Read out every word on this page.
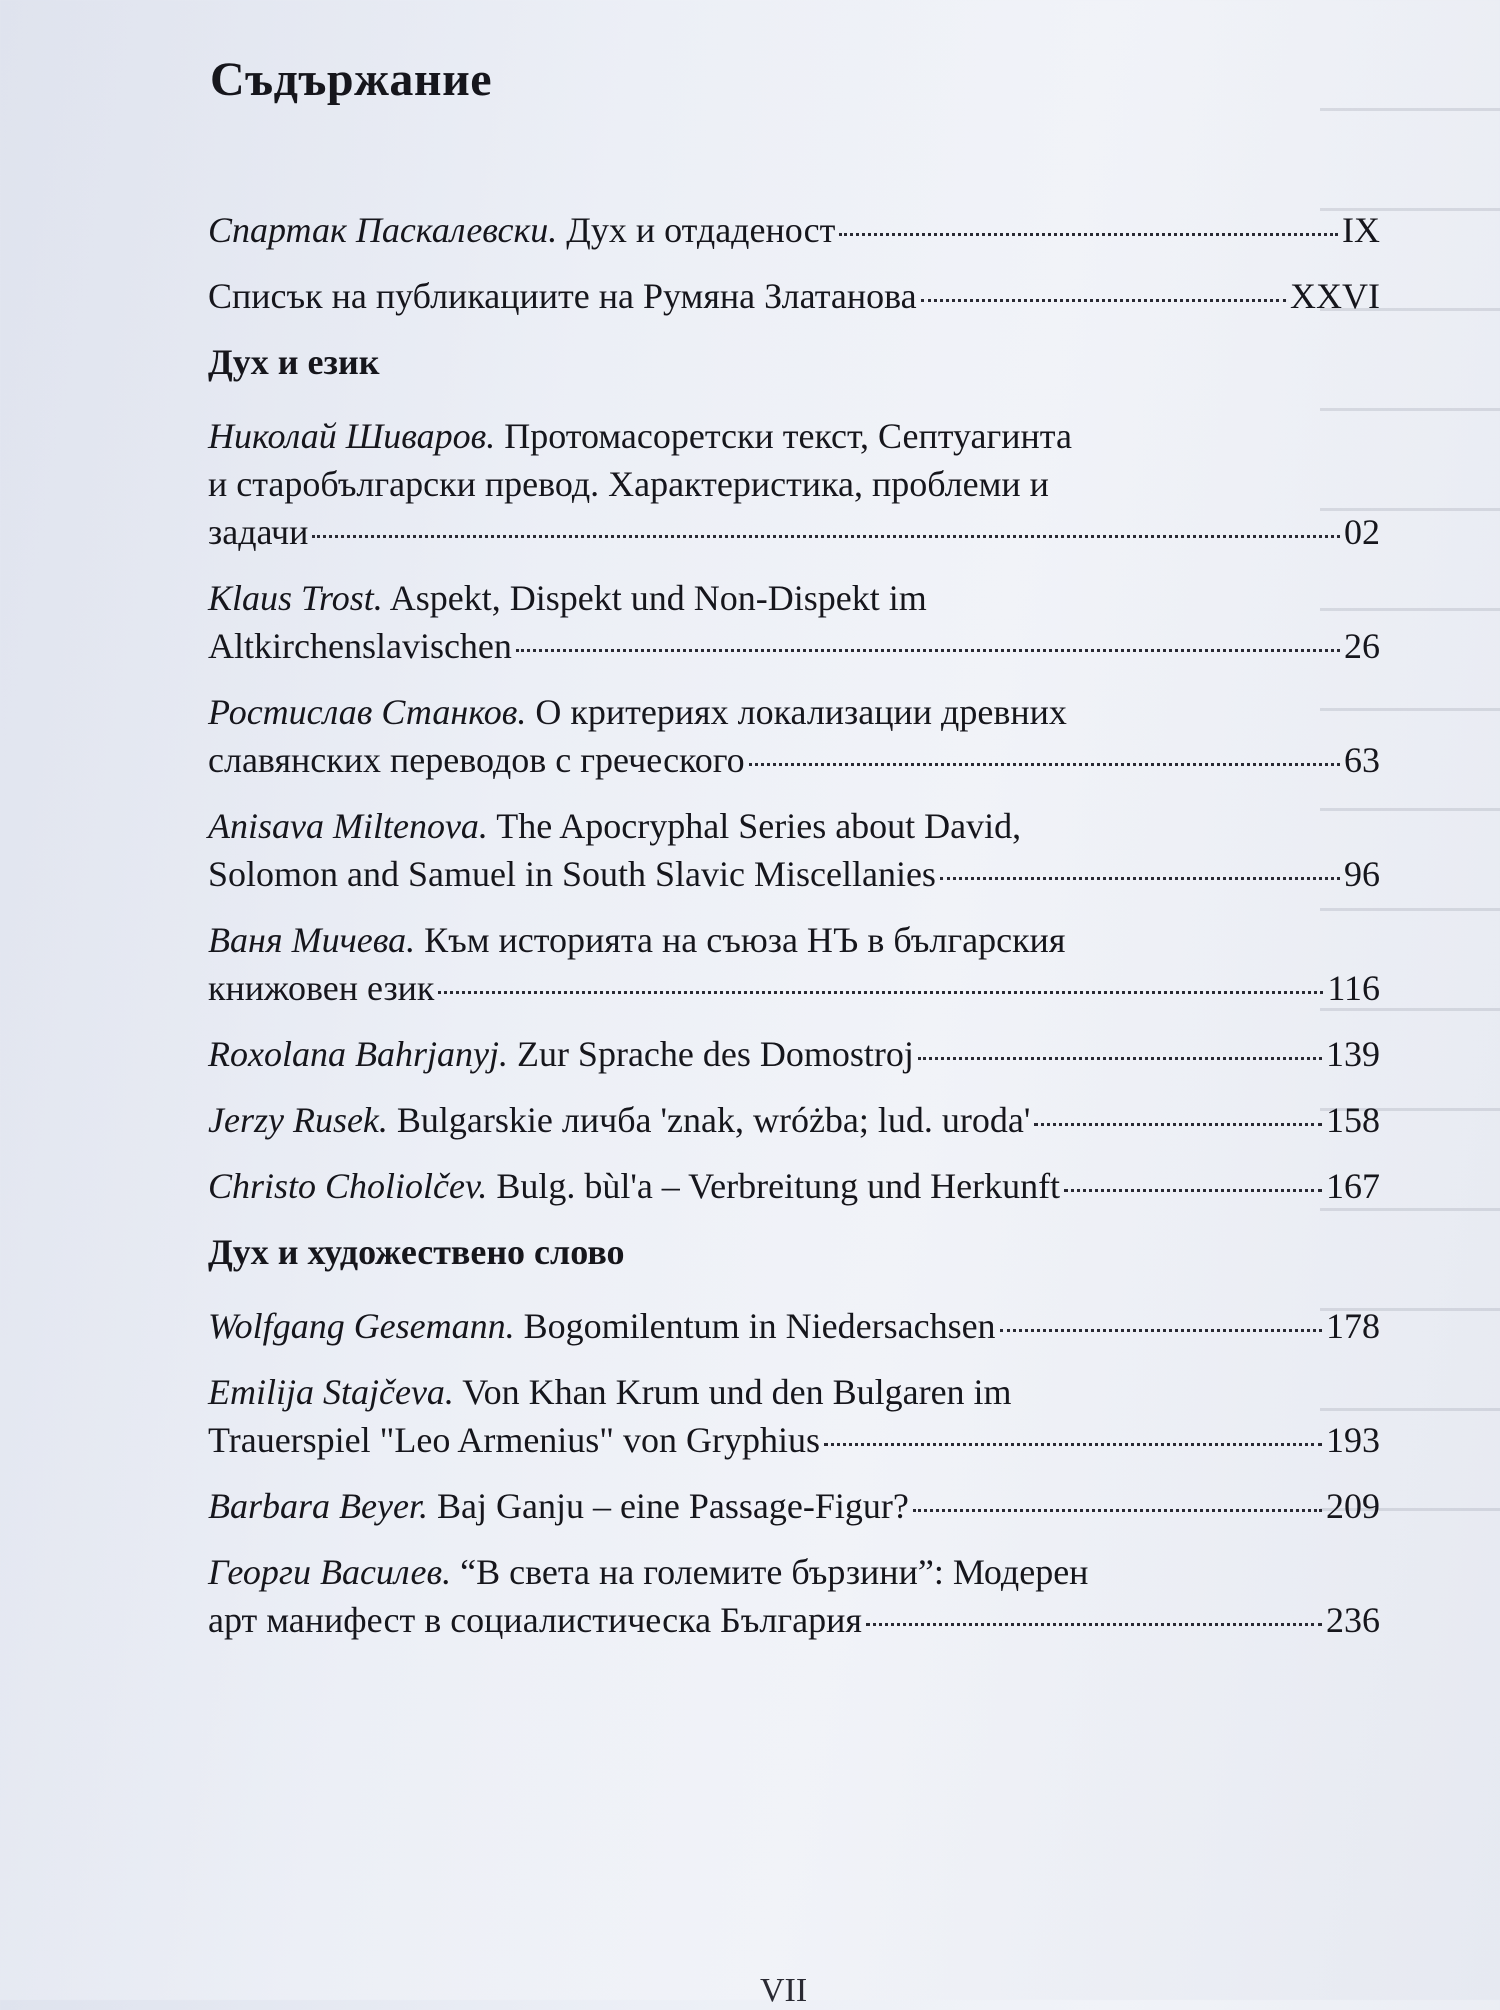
Съдържание
Спартак Паскалевски. Дух и отдаденост	IX
Списък на публикациите на Румяна Златанова	XXVI
Дух и език
Николай Шиваров. Протомасоретски текст, Септуагинта
и старобългарски превод. Характеристика, проблеми и
задачи	02
Klaus Trost. Aspekt, Dispekt und Non-Dispekt im
Altkirchenslavischen	26
Ростислав Станков. О критериях локализации древних
славянских переводов с греческого	63
Anisava Miltenova. The Apocryphal Series about David,
Solomon and Samuel in South Slavic Miscellanies	96
Ваня Мичева. Към историята на съюза НЪ в българския
книжовен език	116
Roxolana Bahrjanyj. Zur Sprache des Domostroj	139
Jerzy Rusek. Bulgarskie личба 'znak, wróżba; lud. uroda'	158
Christo Choliolčev. Bulg. bùl'a – Verbreitung und Herkunft	167
Дух и художествено слово
Wolfgang Gesemann. Bogomilentum in Niedersachsen	178
Emilija Stajčeva. Von Khan Krum und den Bulgaren im
Trauerspiel "Leo Armenius" von Gryphius	193
Barbara Beyer. Baj Ganju – eine Passage-Figur?	209
Георги Василев. “В света на големите бързини”: Модерен
арт манифест в социалистическа България	236
VII
